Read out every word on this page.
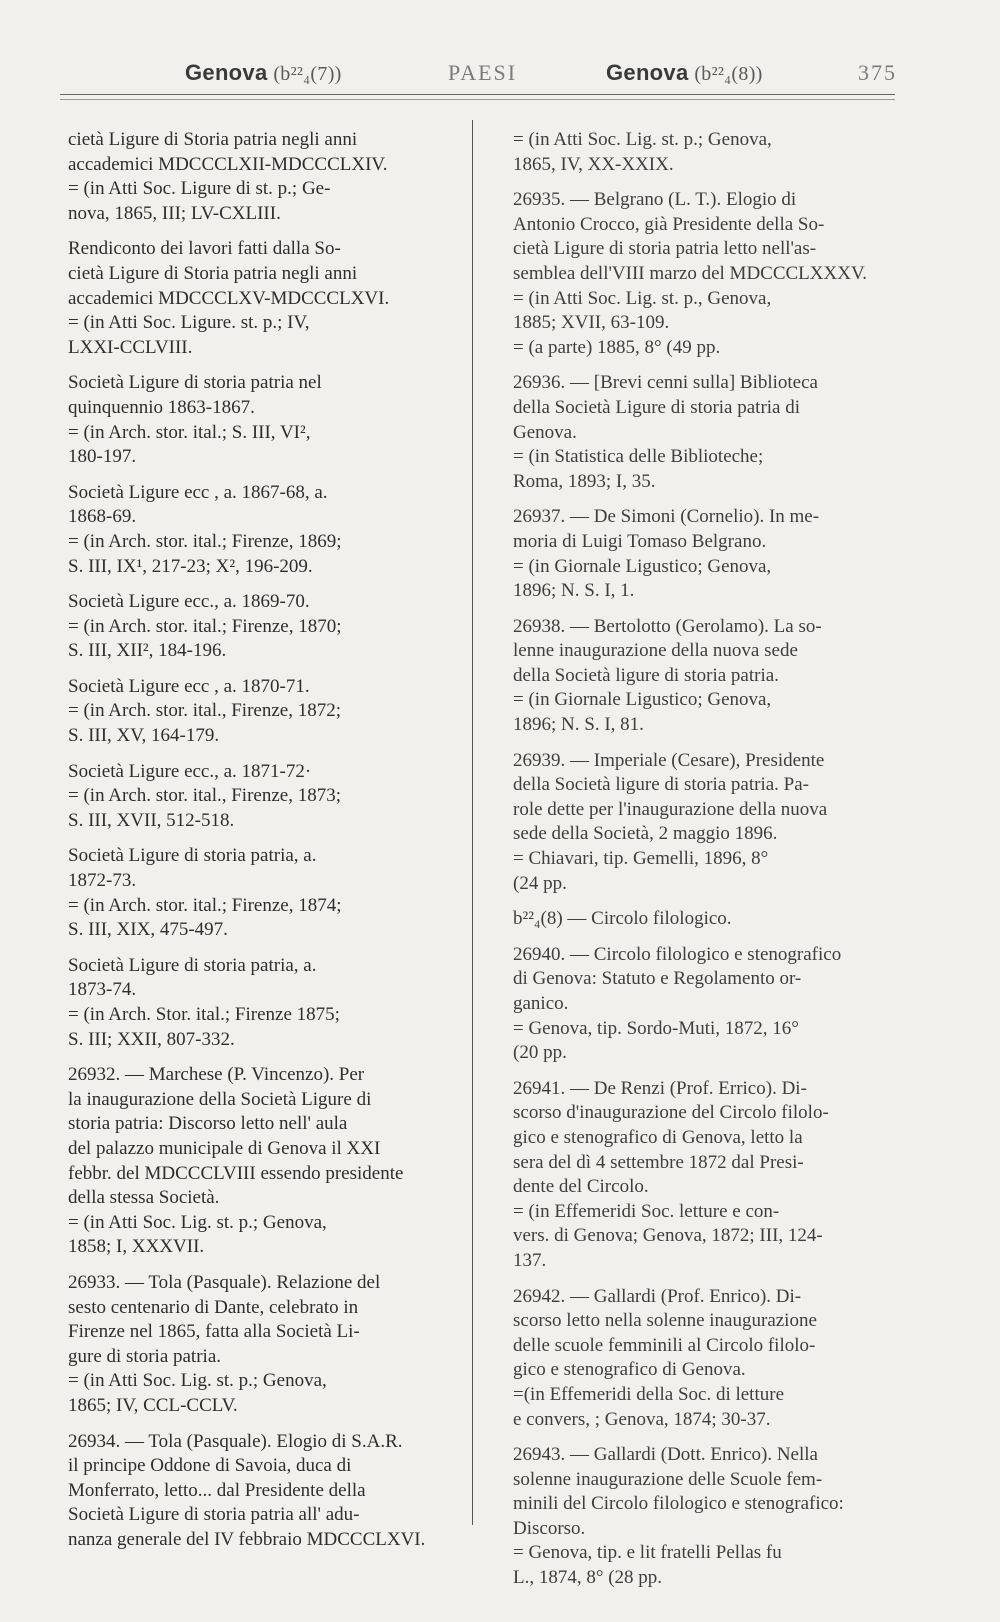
Genova (b²²₄(7))	PAESI	Genova (b²²₄(8))	375
cietà Ligure di Storia patria negli anni
accademici MDCCCLXII-MDCCCLXIV.
= (in Atti Soc. Ligure di st. p.; Ge-
nova, 1865, III; LV-CXLIII.
Rendiconto dei lavori fatti dalla So-
cietà Ligure di Storia patria negli anni
accademici MDCCCLXV-MDCCCLXVI.
= (in Atti Soc. Ligure. st. p.; IV,
LXXI-CCLVIII.
Società Ligure di storia patria nel
quinquennio 1863-1867.
= (in Arch. stor. ital.; S. III, VI²,
180-197.
Società Ligure ecc , a. 1867-68, a.
1868-69.
= (in Arch. stor. ital.; Firenze, 1869;
S. III, IX¹, 217-23; X², 196-209.
Società Ligure ecc., a. 1869-70.
= (in Arch. stor. ital.; Firenze, 1870;
S. III, XII², 184-196.
Società Ligure ecc , a. 1870-71.
= (in Arch. stor. ital., Firenze, 1872;
S. III, XV, 164-179.
Società Ligure ecc., a. 1871-72·
= (in Arch. stor. ital., Firenze, 1873;
S. III, XVII, 512-518.
Società Ligure di storia patria, a.
1872-73.
= (in Arch. stor. ital.; Firenze, 1874;
S. III, XIX, 475-497.
Società Ligure di storia patria, a.
1873-74.
= (in Arch. Stor. ital.; Firenze 1875;
S. III; XXII, 807-332.
26932. — Marchese (P. Vincenzo). Per
la inaugurazione della Società Ligure di
storia patria: Discorso letto nell' aula
del palazzo municipale di Genova il XXI
febbr. del MDCCCLVIII essendo presidente
della stessa Società.
= (in Atti Soc. Lig. st. p.; Genova,
1858; I, XXXVII.
26933. — Tola (Pasquale). Relazione del
sesto centenario di Dante, celebrato in
Firenze nel 1865, fatta alla Società Li-
gure di storia patria.
= (in Atti Soc. Lig. st. p.; Genova,
1865; IV, CCL-CCLV.
26934. — Tola (Pasquale). Elogio di S.A.R.
il principe Oddone di Savoia, duca di
Monferrato, letto... dal Presidente della
Società Ligure di storia patria all' adu-
nanza generale del IV febbraio MDCCCLXVI.
= (in Atti Soc. Lig. st. p.; Genova,
1865, IV, XX-XXIX.
26935. — Belgrano (L. T.). Elogio di
Antonio Crocco, già Presidente della So-
cietà Ligure di storia patria letto nell'as-
semblea dell'VIII marzo del MDCCCLXXXV.
= (in Atti Soc. Lig. st. p., Genova,
1885; XVII, 63-109.
= (a parte) 1885, 8° (49 pp.
26936. — [Brevi cenni sulla] Biblioteca
della Società Ligure di storia patria di
Genova.
= (in Statistica delle Biblioteche;
Roma, 1893; I, 35.
26937. — De Simoni (Cornelio). In me-
moria di Luigi Tomaso Belgrano.
= (in Giornale Ligustico; Genova,
1896; N. S. I, 1.
26938. — Bertolotto (Gerolamo). La so-
lenne inaugurazione della nuova sede
della Società ligure di storia patria.
= (in Giornale Ligustico; Genova,
1896; N. S. I, 81.
26939. — Imperiale (Cesare), Presidente
della Società ligure di storia patria. Pa-
role dette per l'inaugurazione della nuova
sede della Società, 2 maggio 1896.
= Chiavari, tip. Gemelli, 1896, 8°
(24 pp.
b²²₄(8) — Circolo filologico.
26940. — Circolo filologico e stenografico
di Genova: Statuto e Regolamento or-
ganico.
= Genova, tip. Sordo-Muti, 1872, 16°
(20 pp.
26941. — De Renzi (Prof. Errico). Di-
scorso d'inaugurazione del Circolo filolo-
gico e stenografico di Genova, letto la
sera del dì 4 settembre 1872 dal Presi-
dente del Circolo.
= (in Effemeridi Soc. letture e con-
vers. di Genova; Genova, 1872; III, 124-
137.
26942. — Gallardi (Prof. Enrico). Di-
scorso letto nella solenne inaugurazione
delle scuole femminili al Circolo filolo-
gico e stenografico di Genova.
=(in Effemeridi della Soc. di letture
e convers, ; Genova, 1874; 30-37.
26943. — Gallardi (Dott. Enrico). Nella
solenne inaugurazione delle Scuole fem-
minili del Circolo filologico e stenografico:
Discorso.
= Genova, tip. e lit fratelli Pellas fu
L., 1874, 8° (28 pp.
